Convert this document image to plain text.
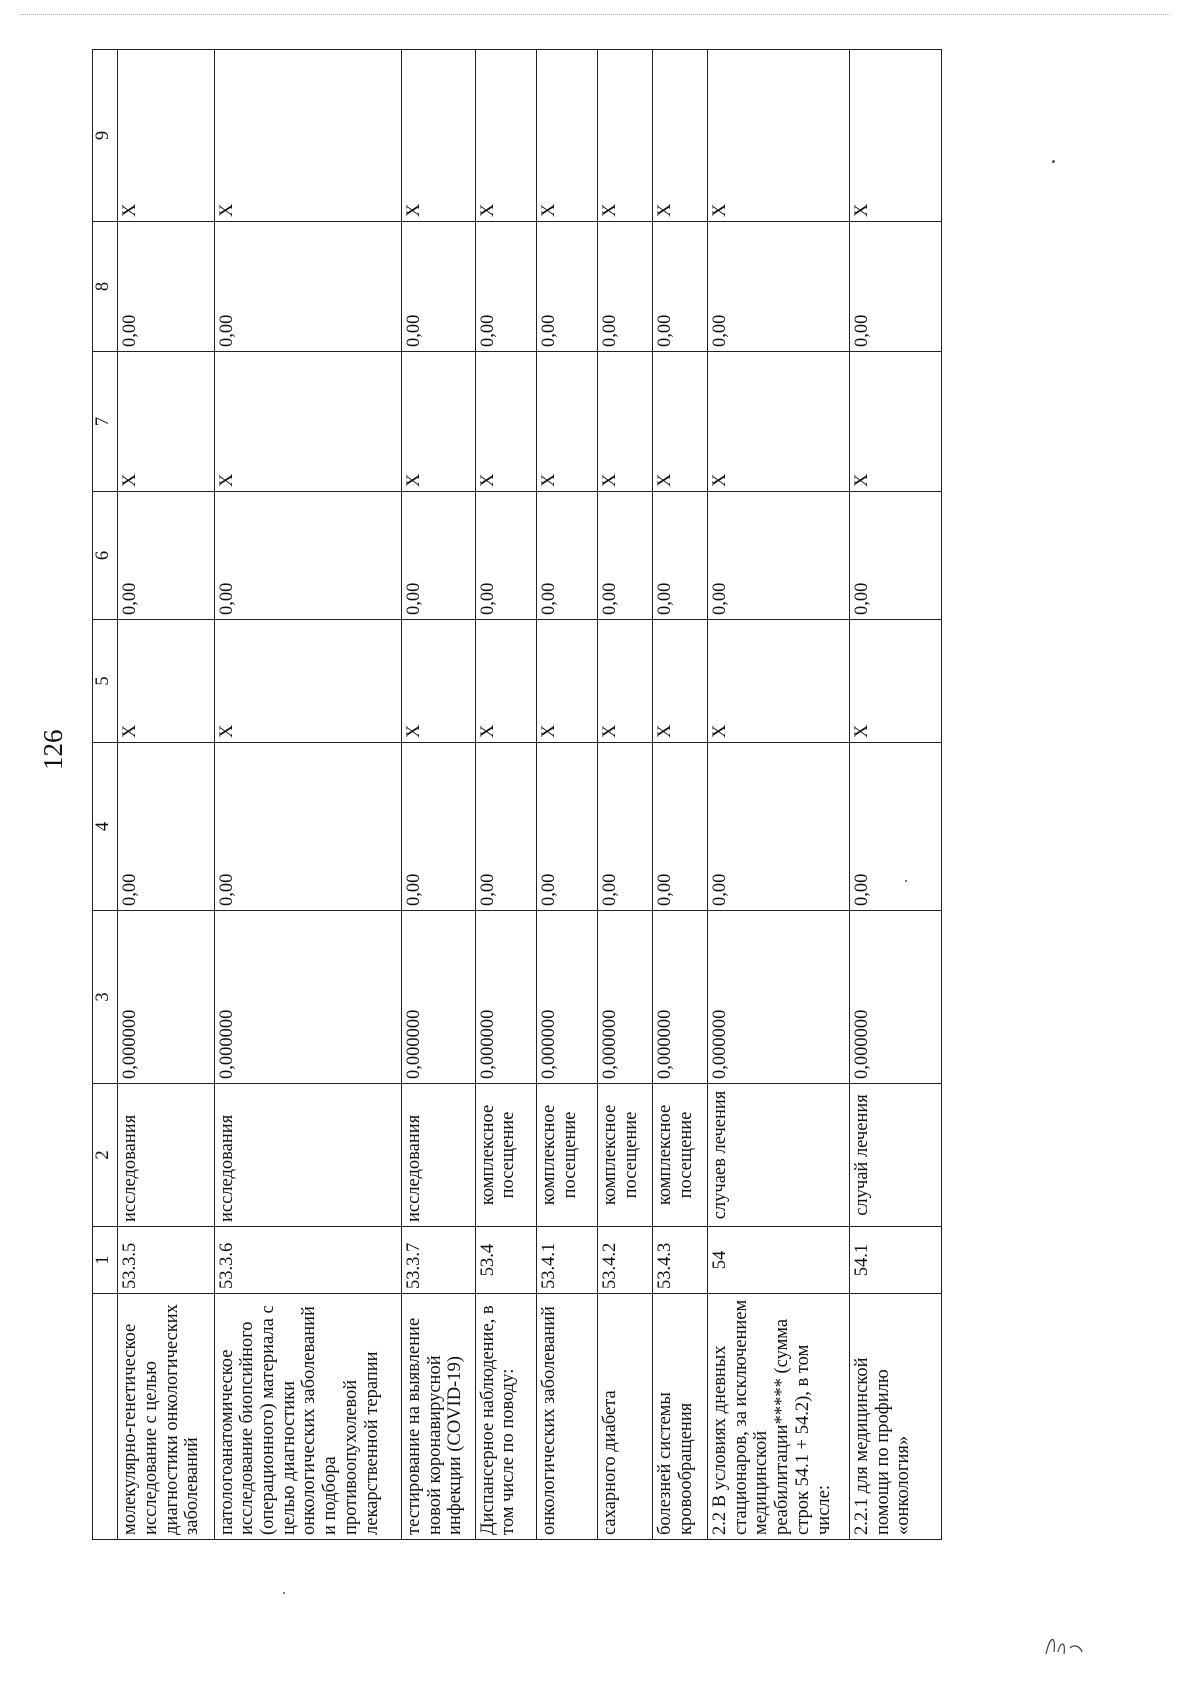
126
	1	2	3	4	5	6	7	8	9
молекулярно-генетическое исследование с целью диагностики онкологических заболеваний	53.3.5	исследования	0,000000	0,00	X	0,00	X	0,00	X
патологоанатомическое исследование биопсийного (операционного) материала с целью диагностики онкологических заболеваний и подбора противоопухолевой лекарственной терапии	53.3.6	исследования	0,000000	0,00	X	0,00	X	0,00	X
тестирование на выявление новой коронавирусной инфекции (COVID-19)	53.3.7	исследования	0,000000	0,00	X	0,00	X	0,00	X
Диспансерное наблюдение, в том числе по поводу:	53.4	комплексное посещение	0,000000	0,00	X	0,00	X	0,00	X
онкологических заболеваний	53.4.1	комплексное посещение	0,000000	0,00	X	0,00	X	0,00	X
сахарного диабета	53.4.2	комплексное посещение	0,000000	0,00	X	0,00	X	0,00	X
болезней системы кровообращения	53.4.3	комплексное посещение	0,000000	0,00	X	0,00	X	0,00	X
2.2 В условиях дневных стационаров, за исключением медицинской реабилитации***** (сумма строк 54.1 + 54.2), в том числе:	54	случаев лечения	0,000000	0,00	X	0,00	X	0,00	X
2.2.1 для медицинской помощи по профилю «онкология»	54.1	случай лечения	0,000000	0,00	X	0,00	X	0,00	X
